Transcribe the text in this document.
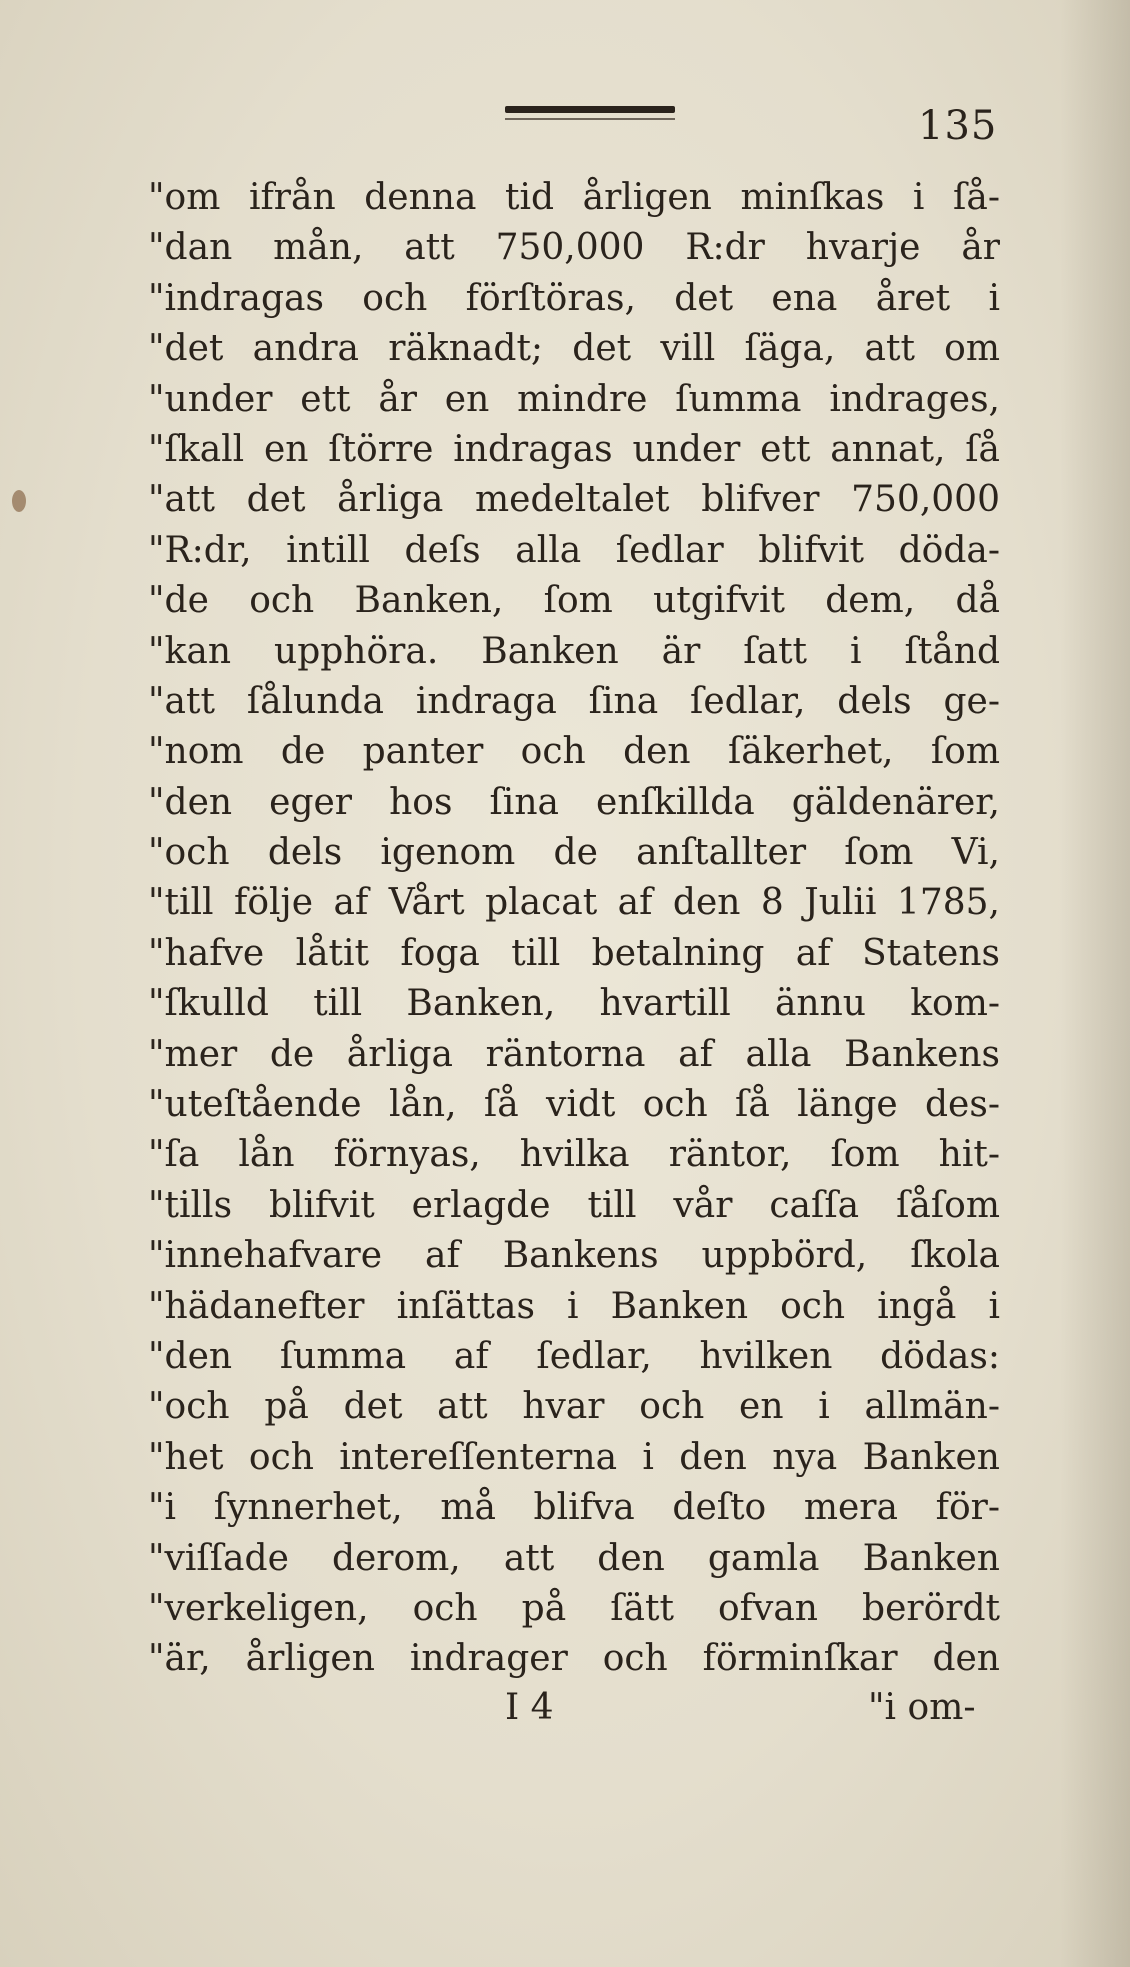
135
"om ifrån denna tid årligen minſkas i ſå-
"dan mån, att 750,000 R:dr hvarje år
"indragas och förſtöras, det ena året i
"det andra räknadt; det vill ſäga, att om
"under ett år en mindre ſumma indrages,
"ſkall en ſtörre indragas under ett annat, ſå
"att det årliga medeltalet blifver 750,000
"R:dr, intill deſs alla ſedlar blifvit döda-
"de och Banken, ſom utgifvit dem, då
"kan upphöra. Banken är ſatt i ſtånd
"att ſålunda indraga ſina ſedlar, dels ge-
"nom de panter och den ſäkerhet, ſom
"den eger hos ſina enſkillda gäldenärer,
"och dels igenom de anſtallter ſom Vi,
"till följe af Vårt placat af den 8 Julii 1785,
"hafve låtit foga till betalning af Statens
"ſkulld till Banken, hvartill ännu kom-
"mer de årliga räntorna af alla Bankens
"uteſtående lån, ſå vidt och ſå länge des-
"ſa lån förnyas, hvilka räntor, ſom hit-
"tills blifvit erlagde till vår caſſa ſåſom
"innehafvare af Bankens uppbörd, ſkola
"hädanefter inſättas i Banken och ingå i
"den ſumma af ſedlar, hvilken dödas:
"och på det att hvar och en i allmän-
"het och intereſſenterna i den nya Banken
"i ſynnerhet, må blifva deſto mera för-
"viſſade derom, att den gamla Banken
"verkeligen, och på ſätt ofvan berördt
"är, årligen indrager och förminſkar den
I 4	"i om-
